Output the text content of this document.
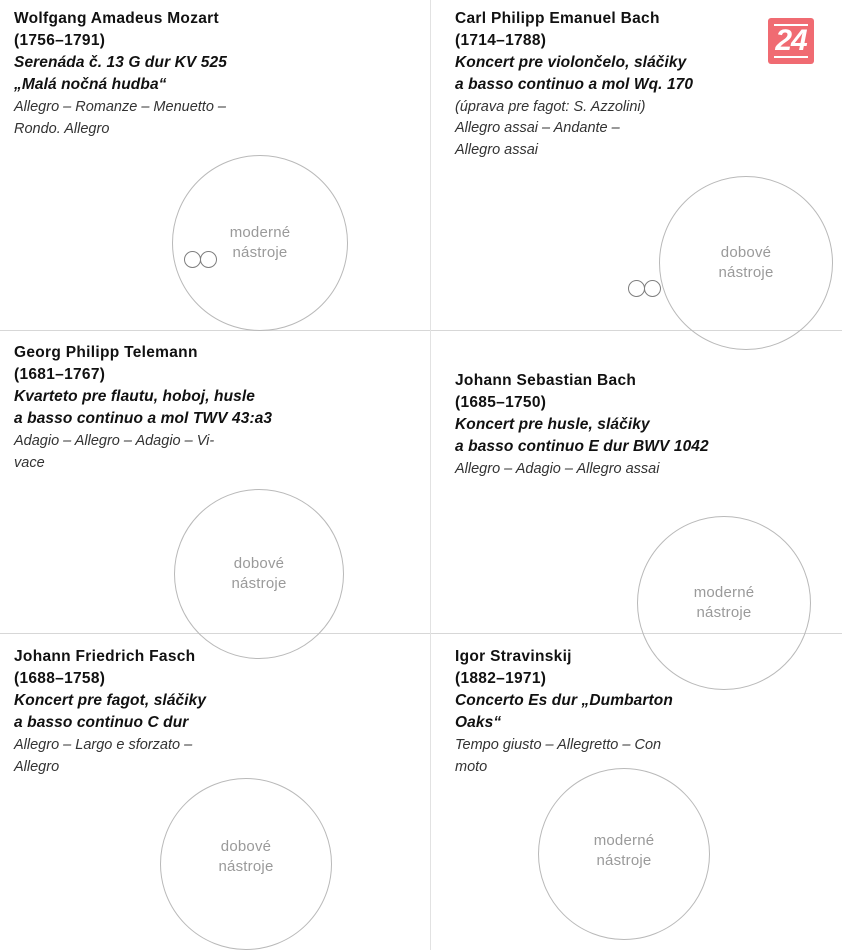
24

Wolfgang Amadeus Mozart

(1756–1791)

Serenáda č. 13 G dur KV 525

„Malá nočná hudba“

Allegro – Romanze – Menuetto –

Rondo. Allegro

moderné
nástroje

Carl Philipp Emanuel Bach

(1714–1788)

Koncert pre violončelo, sláčiky

a basso continuo a mol Wq. 170

(úprava pre fagot: S. Azzolini)

Allegro assai – Andante –

Allegro assai

dobové
nástroje

Georg Philipp Telemann

(1681–1767)

Kvarteto pre flautu, hoboj, husle

a basso continuo a mol TWV 43:a3

Adagio – Allegro – Adagio – Vi-

vace

dobové
nástroje

Johann Sebastian Bach

(1685–1750)

Koncert pre husle, sláčiky

a basso continuo E dur BWV 1042

Allegro – Adagio – Allegro assai

moderné
nástroje

Johann Friedrich Fasch

(1688–1758)

Koncert pre fagot, sláčiky

a basso continuo C dur

Allegro – Largo e sforzato –

Allegro

dobové
nástroje

Igor Stravinskij

(1882–1971)

Concerto Es dur „Dumbarton

Oaks“

Tempo giusto – Allegretto – Con

moto

moderné
nástroje
